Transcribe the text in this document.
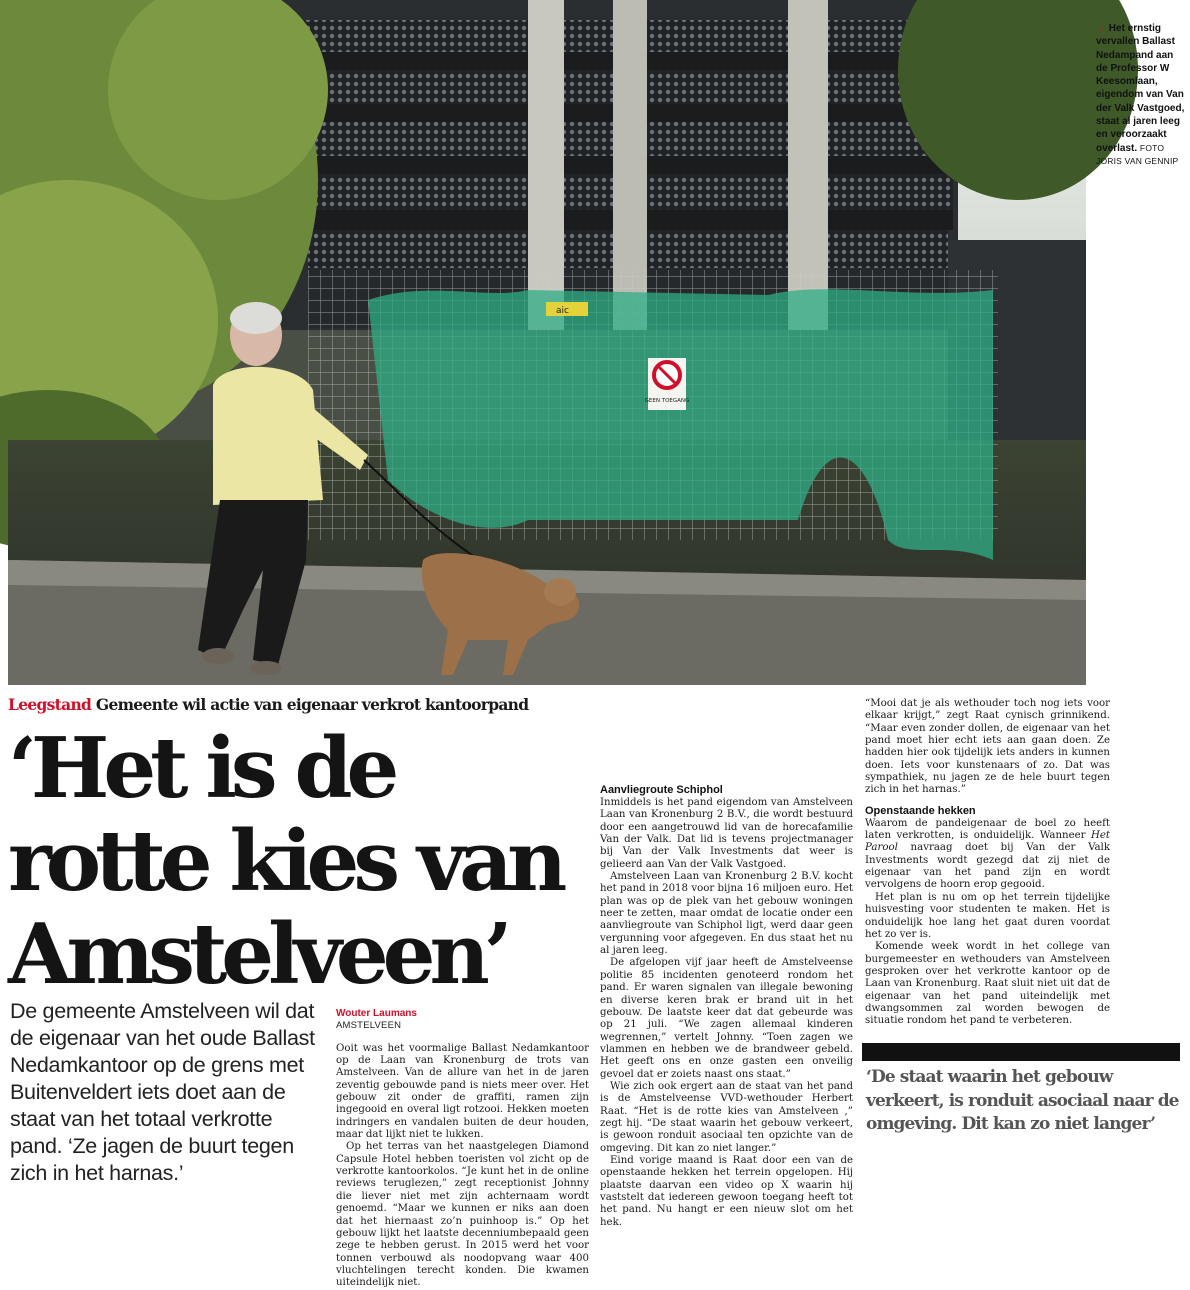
GEEN TOEGANG
aic
→ Het ernstig vervallen Ballast Nedampand aan de Professor W Keesomlaan, eigendom van Van der Valk Vastgoed, staat al jaren leeg en veroorzaakt overlast. FOTO JORIS VAN GENNIP
Leegstand Gemeente wil actie van eigenaar verkrot kantoorpand
‘Het is de
rotte kies van
Amstelveen’
De gemeente Amstelveen wil dat de eigenaar van het oude Ballast Nedamkantoor op de grens met Buitenveldert iets doet aan de staat van het totaal verkrotte pand. ‘Ze jagen de buurt tegen zich in het harnas.’
Wouter Laumans
AMSTELVEEN

Ooit was het voormalige Ballast Nedamkantoor op de Laan van Kronenburg de trots van Amstelveen. Van de allure van het in de jaren zeventig gebouwde pand is niets meer over. Het gebouw zit onder de graffiti, ramen zijn ingegooid en overal ligt rotzooi. Hekken moeten indringers en vandalen buiten de deur houden, maar dat lijkt niet te lukken.

Op het terras van het naastgelegen Diamond Capsule Hotel hebben toeristen vol zicht op de verkrotte kantoorkolos. “Je kunt het in de online reviews teruglezen,” zegt receptionist Johnny die liever niet met zijn achternaam wordt genoemd. “Maar we kunnen er niks aan doen dat het hiernaast zo’n puinhoop is.” Op het gebouw lijkt het laatste decenniumbepaald geen zege te hebben gerust. In 2015 werd het voor tonnen verbouwd als noodopvang waar 400 vluchtelingen terecht konden. Die kwamen uiteindelijk niet.

Aanvliegroute Schiphol

Inmiddels is het pand eigendom van Amstelveen Laan van Kronenburg 2 B.V., die wordt bestuurd door een aangetrouwd lid van de horecafamilie Van der Valk. Dat lid is tevens projectmanager bij Van der Valk Investments dat weer is gelieerd aan Van der Valk Vastgoed.

Amstelveen Laan van Kronenburg 2 B.V. kocht het pand in 2018 voor bijna 16 miljoen euro. Het plan was op de plek van het gebouw woningen neer te zetten, maar omdat de locatie onder een aanvliegroute van Schiphol ligt, werd daar geen vergunning voor afgegeven. En dus staat het nu al jaren leeg.

De afgelopen vijf jaar heeft de Amstelveense politie 85 incidenten genoteerd rondom het pand. Er waren signalen van illegale bewoning en diverse keren brak er brand uit in het gebouw. De laatste keer dat dat gebeurde was op 21 juli. “We zagen allemaal kinderen wegrennen,” vertelt Johnny. “Toen zagen we vlammen en hebben we de brandweer gebeld. Het geeft ons en onze gasten een onveilig gevoel dat er zoiets naast ons staat.”

Wie zich ook ergert aan de staat van het pand is de Amstelveense VVD-wethouder Herbert Raat. “Het is de rotte kies van Amstelveen ,” zegt hij. “De staat waarin het gebouw verkeert, is gewoon ronduit asociaal ten opzichte van de omgeving. Dit kan zo niet langer.”

Eind vorige maand is Raat door een van de openstaande hekken het terrein opgelopen. Hij plaatste daarvan een video op X waarin hij vaststelt dat iedereen gewoon toegang heeft tot het pand. Nu hangt er een nieuw slot om het hek.

“Mooi dat je als wethouder toch nog iets voor elkaar krijgt,” zegt Raat cynisch grinnikend. “Maar even zonder dollen, de eigenaar van het pand moet hier echt iets aan gaan doen. Ze hadden hier ook tijdelijk iets anders in kunnen doen. Iets voor kunstenaars of zo. Dat was sympathiek, nu jagen ze de hele buurt tegen zich in het harnas.”

Openstaande hekken

Waarom de pandeigenaar de boel zo heeft laten verkrotten, is onduidelijk. Wanneer Het Parool navraag doet bij Van der Valk Investments wordt gezegd dat zij niet de eigenaar van het pand zijn en wordt vervolgens de hoorn erop gegooid.

Het plan is nu om op het terrein tijdelijke huisvesting voor studenten te maken. Het is onduidelijk hoe lang het gaat duren voordat het zo ver is.

Komende week wordt in het college van burgemeester en wethouders van Amstelveen gesproken over het verkrotte kantoor op de Laan van Kronenburg. Raat sluit niet uit dat de eigenaar van het pand uiteindelijk met dwangsommen zal worden bewogen de situatie rondom het pand te verbeteren.

‘De staat waarin het gebouw verkeert, is ronduit asociaal naar de omgeving. Dit kan zo niet langer’
